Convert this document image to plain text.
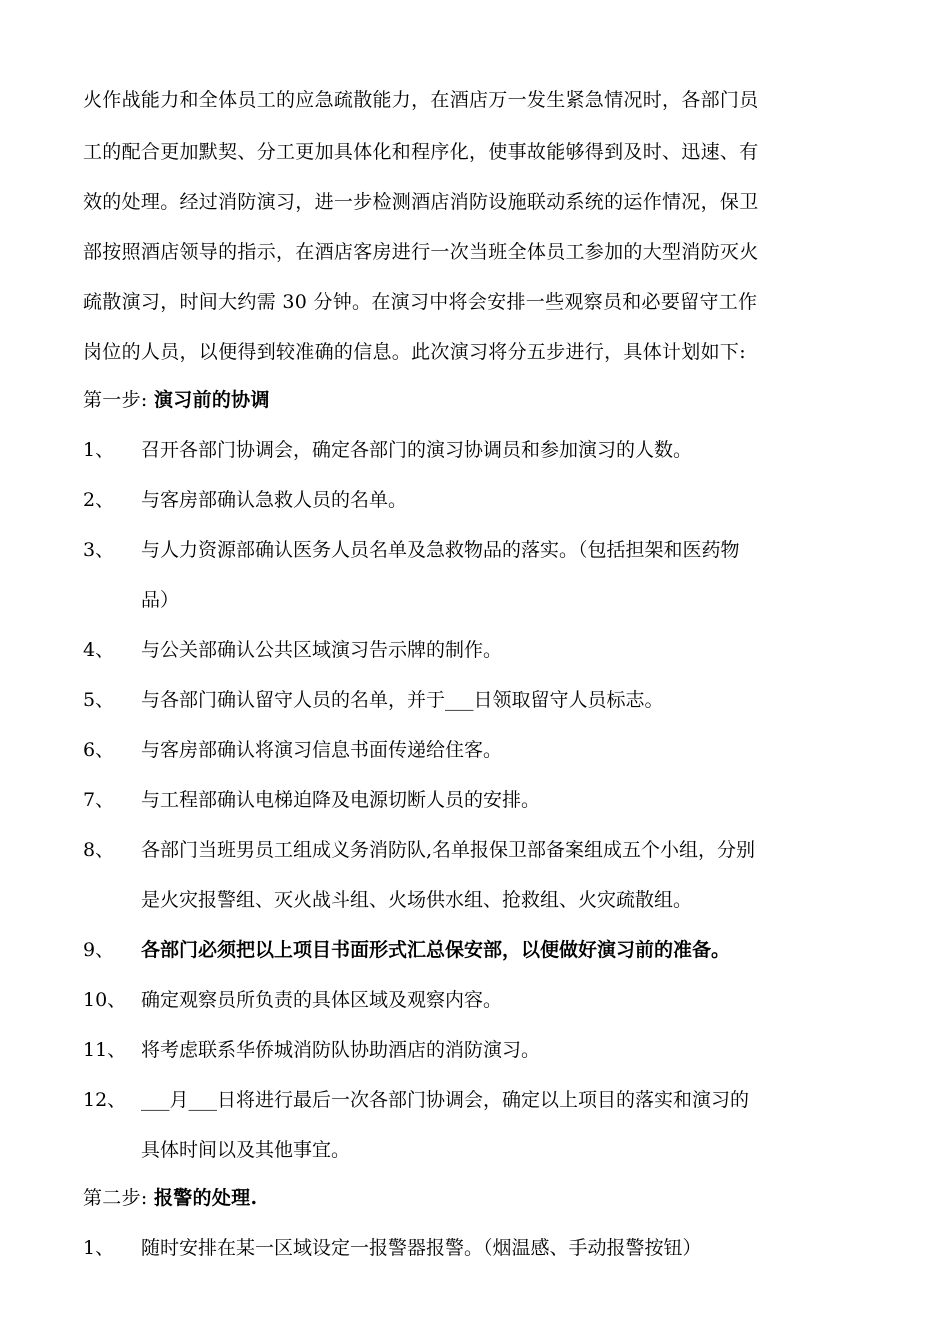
火作战能力和全体员工的应急疏散能力，在酒店万一发生紧急情况时，各部门员
工的配合更加默契、分工更加具体化和程序化，使事故能够得到及时、迅速、有
效的处理。经过消防演习，进一步检测酒店消防设施联动系统的运作情况，保卫
部按照酒店领导的指示，在酒店客房进行一次当班全体员工参加的大型消防灭火
疏散演习，时间大约需 30 分钟。在演习中将会安排一些观察员和必要留守工作
岗位的人员，以便得到较准确的信息。此次演习将分五步进行，具体计划如下:
第一步: 演习前的协调
1、	召开各部门协调会，确定各部门的演习协调员和参加演习的人数。
2、	与客房部确认急救人员的名单。
3、	与人力资源部确认医务人员名单及急救物品的落实。（包括担架和医药物
品）
4、	与公关部确认公共区域演习告示牌的制作。
5、	与各部门确认留守人员的名单，并于___日领取留守人员标志。
6、	与客房部确认将演习信息书面传递给住客。
7、	与工程部确认电梯迫降及电源切断人员的安排。
8、	各部门当班男员工组成义务消防队,名单报保卫部备案组成五个小组，分别
是火灾报警组、灭火战斗组、火场供水组、抢救组、火灾疏散组。
9、	各部门必须把以上项目书面形式汇总保安部，以便做好演习前的准备。
10、 确定观察员所负责的具体区域及观察内容。
11、 将考虑联系华侨城消防队协助酒店的消防演习。
12、 ___月___日将进行最后一次各部门协调会，确定以上项目的落实和演习的
具体时间以及其他事宜。
第二步: 报警的处理.
1、	随时安排在某一区域设定一报警器报警。（烟温感、手动报警按钮）
